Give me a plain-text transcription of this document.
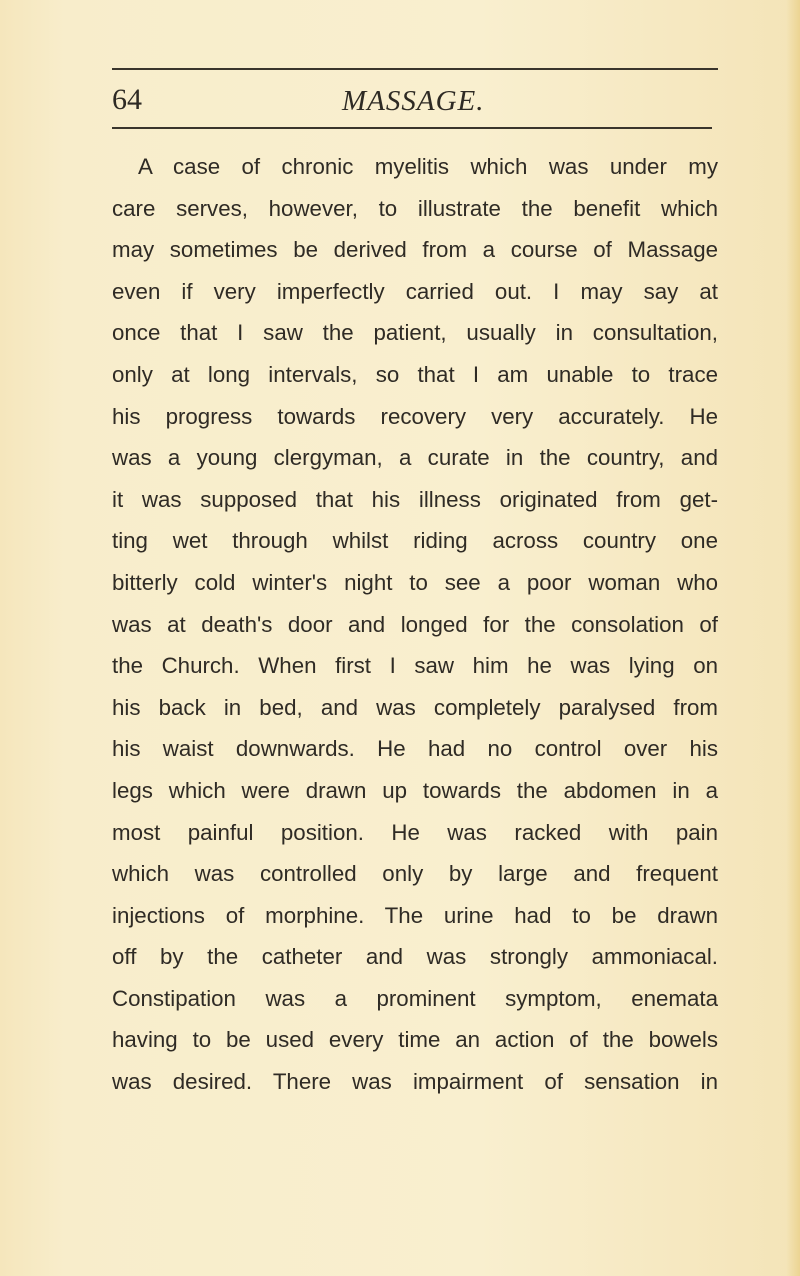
64	MASSAGE.
A case of chronic myelitis which was under my
care serves, however, to illustrate the benefit which
may sometimes be derived from a course of Massage
even if very imperfectly carried out. I may say at
once that I saw the patient, usually in consultation,
only at long intervals, so that I am unable to trace
his progress towards recovery very accurately. He
was a young clergyman, a curate in the country, and
it was supposed that his illness originated from get-
ting wet through whilst riding across country one
bitterly cold winter's night to see a poor woman who
was at death's door and longed for the consolation of
the Church. When first I saw him he was lying on
his back in bed, and was completely paralysed from
his waist downwards. He had no control over his
legs which were drawn up towards the abdomen in a
most painful position. He was racked with pain
which was controlled only by large and frequent
injections of morphine. The urine had to be drawn
off by the catheter and was strongly ammoniacal.
Constipation was a prominent symptom, enemata
having to be used every time an action of the bowels
was desired. There was impairment of sensation in
